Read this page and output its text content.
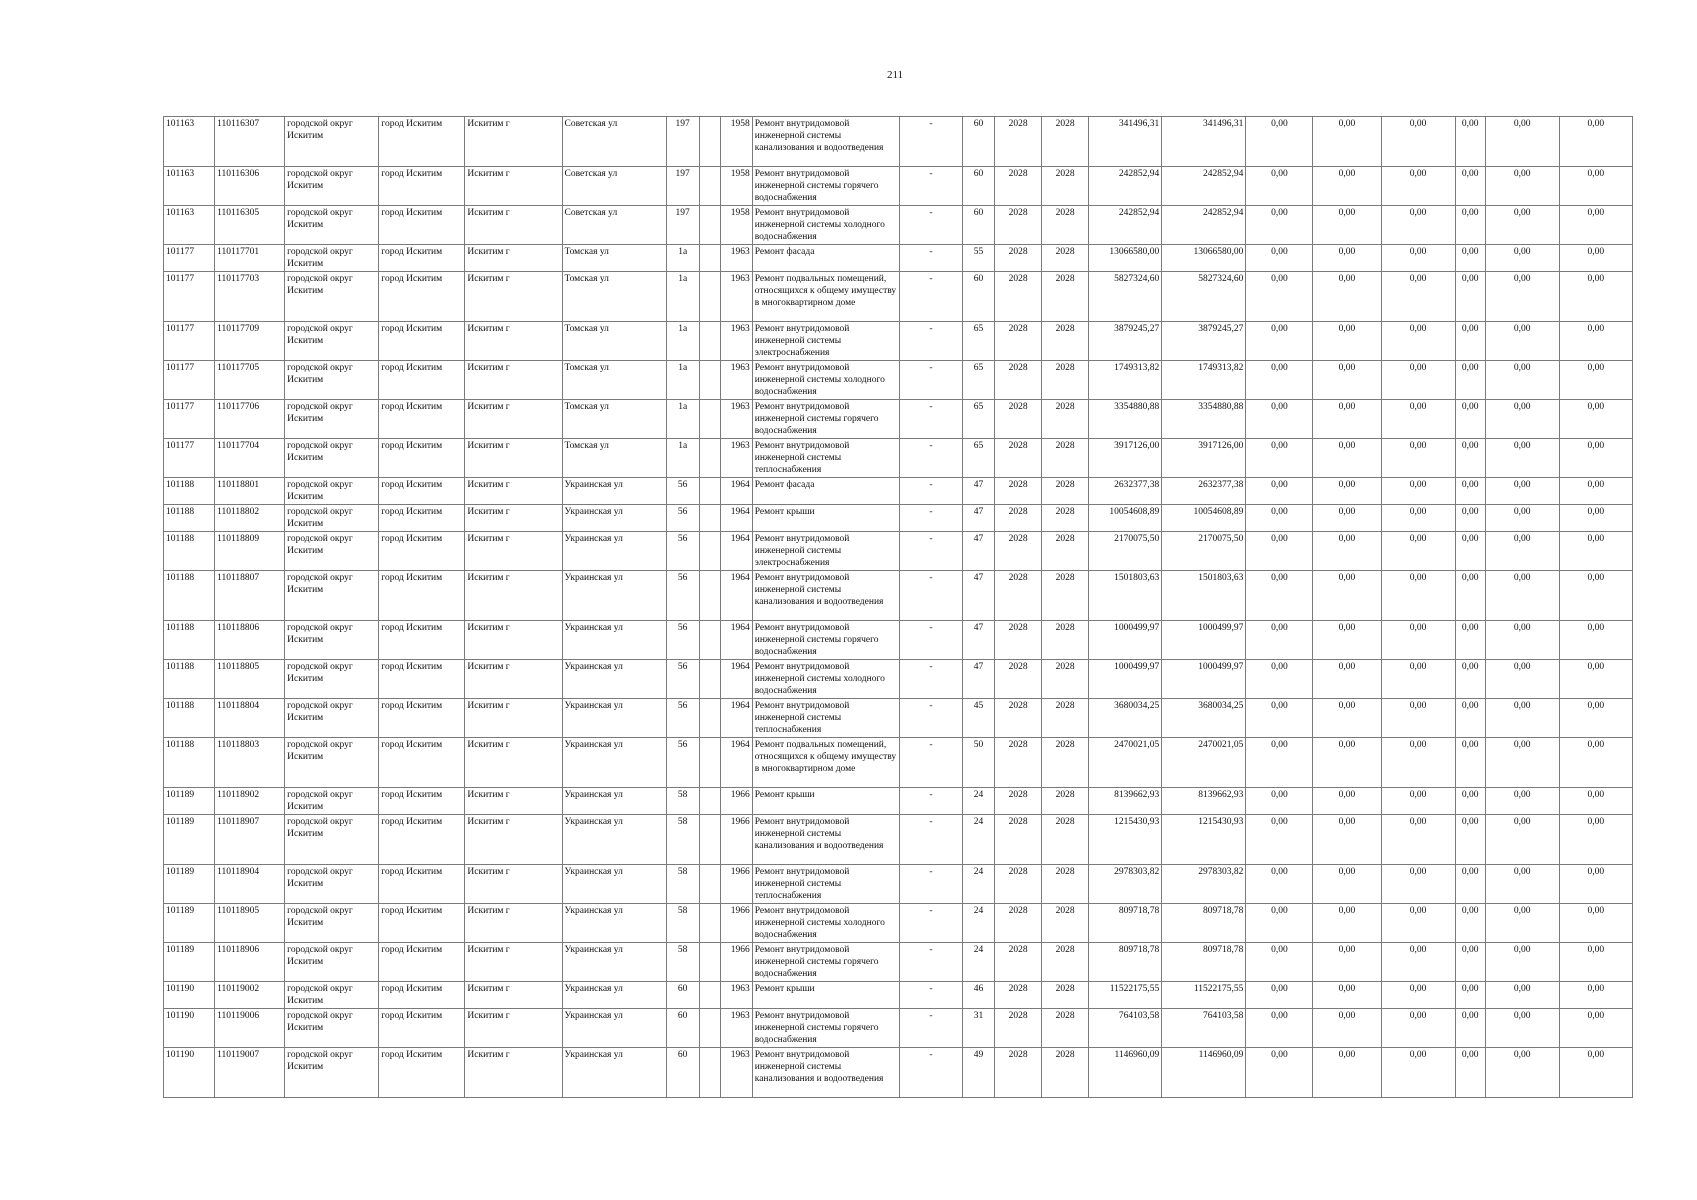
211
101163	110116307	городской округ Искитим	город Искитим	Искитим г	Советская ул	197		1958	Ремонт внутридомовой инженерной системы канализования и водоотведения	-	60	2028	2028	341496,31	341496,31	0,00	0,00	0,00	0,00	0,00	0,00
101163	110116306	городской округ Искитим	город Искитим	Искитим г	Советская ул	197		1958	Ремонт внутридомовой инженерной системы горячего водоснабжения	-	60	2028	2028	242852,94	242852,94	0,00	0,00	0,00	0,00	0,00	0,00
101163	110116305	городской округ Искитим	город Искитим	Искитим г	Советская ул	197		1958	Ремонт внутридомовой инженерной системы холодного водоснабжения	-	60	2028	2028	242852,94	242852,94	0,00	0,00	0,00	0,00	0,00	0,00
101177	110117701	городской округ Искитим	город Искитим	Искитим г	Томская ул	1а		1963	Ремонт фасада	-	55	2028	2028	13066580,00	13066580,00	0,00	0,00	0,00	0,00	0,00	0,00
101177	110117703	городской округ Искитим	город Искитим	Искитим г	Томская ул	1а		1963	Ремонт подвальных помещений, относящихся к общему имуществу в многоквартирном доме	-	60	2028	2028	5827324,60	5827324,60	0,00	0,00	0,00	0,00	0,00	0,00
101177	110117709	городской округ Искитим	город Искитим	Искитим г	Томская ул	1а		1963	Ремонт внутридомовой инженерной системы электроснабжения	-	65	2028	2028	3879245,27	3879245,27	0,00	0,00	0,00	0,00	0,00	0,00
101177	110117705	городской округ Искитим	город Искитим	Искитим г	Томская ул	1а		1963	Ремонт внутридомовой инженерной системы холодного водоснабжения	-	65	2028	2028	1749313,82	1749313,82	0,00	0,00	0,00	0,00	0,00	0,00
101177	110117706	городской округ Искитим	город Искитим	Искитим г	Томская ул	1а		1963	Ремонт внутридомовой инженерной системы горячего водоснабжения	-	65	2028	2028	3354880,88	3354880,88	0,00	0,00	0,00	0,00	0,00	0,00
101177	110117704	городской округ Искитим	город Искитим	Искитим г	Томская ул	1а		1963	Ремонт внутридомовой инженерной системы теплоснабжения	-	65	2028	2028	3917126,00	3917126,00	0,00	0,00	0,00	0,00	0,00	0,00
101188	110118801	городской округ Искитим	город Искитим	Искитим г	Украинская ул	56		1964	Ремонт фасада	-	47	2028	2028	2632377,38	2632377,38	0,00	0,00	0,00	0,00	0,00	0,00
101188	110118802	городской округ Искитим	город Искитим	Искитим г	Украинская ул	56		1964	Ремонт крыши	-	47	2028	2028	10054608,89	10054608,89	0,00	0,00	0,00	0,00	0,00	0,00
101188	110118809	городской округ Искитим	город Искитим	Искитим г	Украинская ул	56		1964	Ремонт внутридомовой инженерной системы электроснабжения	-	47	2028	2028	2170075,50	2170075,50	0,00	0,00	0,00	0,00	0,00	0,00
101188	110118807	городской округ Искитим	город Искитим	Искитим г	Украинская ул	56		1964	Ремонт внутридомовой инженерной системы канализования и водоотведения	-	47	2028	2028	1501803,63	1501803,63	0,00	0,00	0,00	0,00	0,00	0,00
101188	110118806	городской округ Искитим	город Искитим	Искитим г	Украинская ул	56		1964	Ремонт внутридомовой инженерной системы горячего водоснабжения	-	47	2028	2028	1000499,97	1000499,97	0,00	0,00	0,00	0,00	0,00	0,00
101188	110118805	городской округ Искитим	город Искитим	Искитим г	Украинская ул	56		1964	Ремонт внутридомовой инженерной системы холодного водоснабжения	-	47	2028	2028	1000499,97	1000499,97	0,00	0,00	0,00	0,00	0,00	0,00
101188	110118804	городской округ Искитим	город Искитим	Искитим г	Украинская ул	56		1964	Ремонт внутридомовой инженерной системы теплоснабжения	-	45	2028	2028	3680034,25	3680034,25	0,00	0,00	0,00	0,00	0,00	0,00
101188	110118803	городской округ Искитим	город Искитим	Искитим г	Украинская ул	56		1964	Ремонт подвальных помещений, относящихся к общему имуществу в многоквартирном доме	-	50	2028	2028	2470021,05	2470021,05	0,00	0,00	0,00	0,00	0,00	0,00
101189	110118902	городской округ Искитим	город Искитим	Искитим г	Украинская ул	58		1966	Ремонт крыши	-	24	2028	2028	8139662,93	8139662,93	0,00	0,00	0,00	0,00	0,00	0,00
101189	110118907	городской округ Искитим	город Искитим	Искитим г	Украинская ул	58		1966	Ремонт внутридомовой инженерной системы канализования и водоотведения	-	24	2028	2028	1215430,93	1215430,93	0,00	0,00	0,00	0,00	0,00	0,00
101189	110118904	городской округ Искитим	город Искитим	Искитим г	Украинская ул	58		1966	Ремонт внутридомовой инженерной системы теплоснабжения	-	24	2028	2028	2978303,82	2978303,82	0,00	0,00	0,00	0,00	0,00	0,00
101189	110118905	городской округ Искитим	город Искитим	Искитим г	Украинская ул	58		1966	Ремонт внутридомовой инженерной системы холодного водоснабжения	-	24	2028	2028	809718,78	809718,78	0,00	0,00	0,00	0,00	0,00	0,00
101189	110118906	городской округ Искитим	город Искитим	Искитим г	Украинская ул	58		1966	Ремонт внутридомовой инженерной системы горячего водоснабжения	-	24	2028	2028	809718,78	809718,78	0,00	0,00	0,00	0,00	0,00	0,00
101190	110119002	городской округ Искитим	город Искитим	Искитим г	Украинская ул	60		1963	Ремонт крыши	-	46	2028	2028	11522175,55	11522175,55	0,00	0,00	0,00	0,00	0,00	0,00
101190	110119006	городской округ Искитим	город Искитим	Искитим г	Украинская ул	60		1963	Ремонт внутридомовой инженерной системы горячего водоснабжения	-	31	2028	2028	764103,58	764103,58	0,00	0,00	0,00	0,00	0,00	0,00
101190	110119007	городской округ Искитим	город Искитим	Искитим г	Украинская ул	60		1963	Ремонт внутридомовой инженерной системы канализования и водоотведения	-	49	2028	2028	1146960,09	1146960,09	0,00	0,00	0,00	0,00	0,00	0,00
